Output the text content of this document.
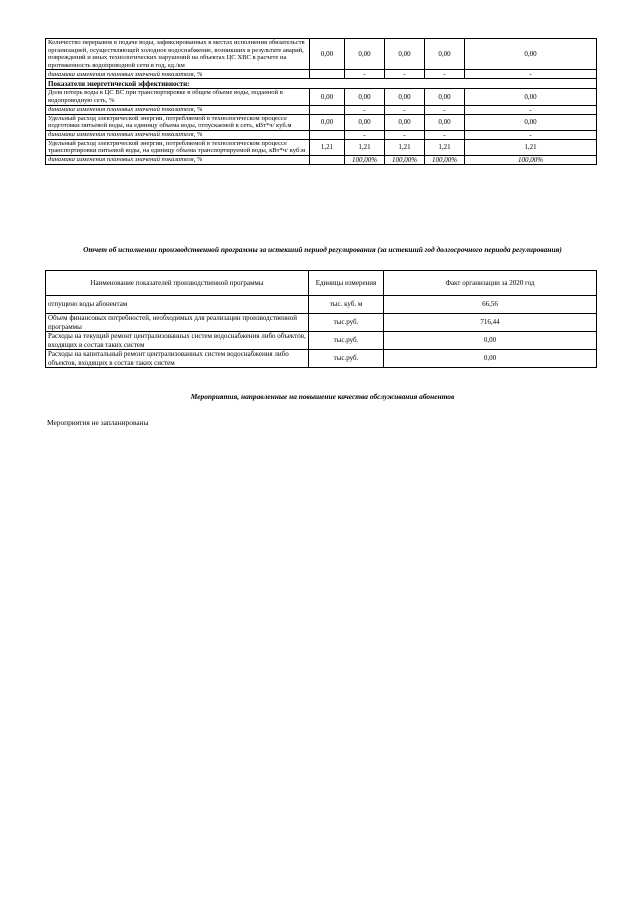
Количество перерывов в подаче воды, зафиксированных в местах исполнения обязательств организацией, осуществляющей холодное водоснабжение, возникших в результате аварий, повреждений и иных технологических нарушений на объектах ЦС ХВС в расчете на протяженность водопроводной сети в год, ед./км	0,00	0,00	0,00	0,00	0,00
динамика изменения плановых значений показателя, %		-	-	-	-
Показатели энергетической эффективности:					
Доля потерь воды в ЦС ВС при транспортировке в общем объеме воды, поданной в водопроводную сеть, %	0,00	0,00	0,00	0,00	0,00
динамика изменения плановых значений показателя, %		-	-	-	-
Удельный расход электрической энергии, потребляемой в технологическом процессе подготовки питьевой воды, на единицу объема воды, отпускаемой в сеть, кВт*ч/ куб.м	0,00	0,00	0,00	0,00	0,00
динамика изменения плановых значений показателя, %		-	-	-	-
Удельный расход электрической энергии, потребляемой в технологическом процессе транспортировки питьевой воды, на единицу объема транспортируемой воды, кВт*ч/ куб.м	1,21	1,21	1,21	1,21	1,21
динамика изменения плановых значений показателя, %		100,00%	100,00%	100,00%	100,00%
Отчет об исполнении производственной программы за истекший период регулирования (за истекший год долгосрочного периода регулирования)
Наименование показателей производственной программы	Единицы измерения	Факт организации за 2020 год
отпущено воды абонентам	тыс. куб. м	66,56
Объем финансовых потребностей, необходимых для реализации производственной программы	тыс.руб.	716,44
Расходы на текущий ремонт централизованных систем водоснабжения либо объектов, входящих в состав таких систем	тыс.руб.	0,00
Расходы на капитальный ремонт централизованных систем водоснабжения либо объектов, входящих в состав таких систем	тыс.руб.	0,00
Мероприятия, направленные на повышение качества обслуживания абонентов
Мероприятия не запланированы
